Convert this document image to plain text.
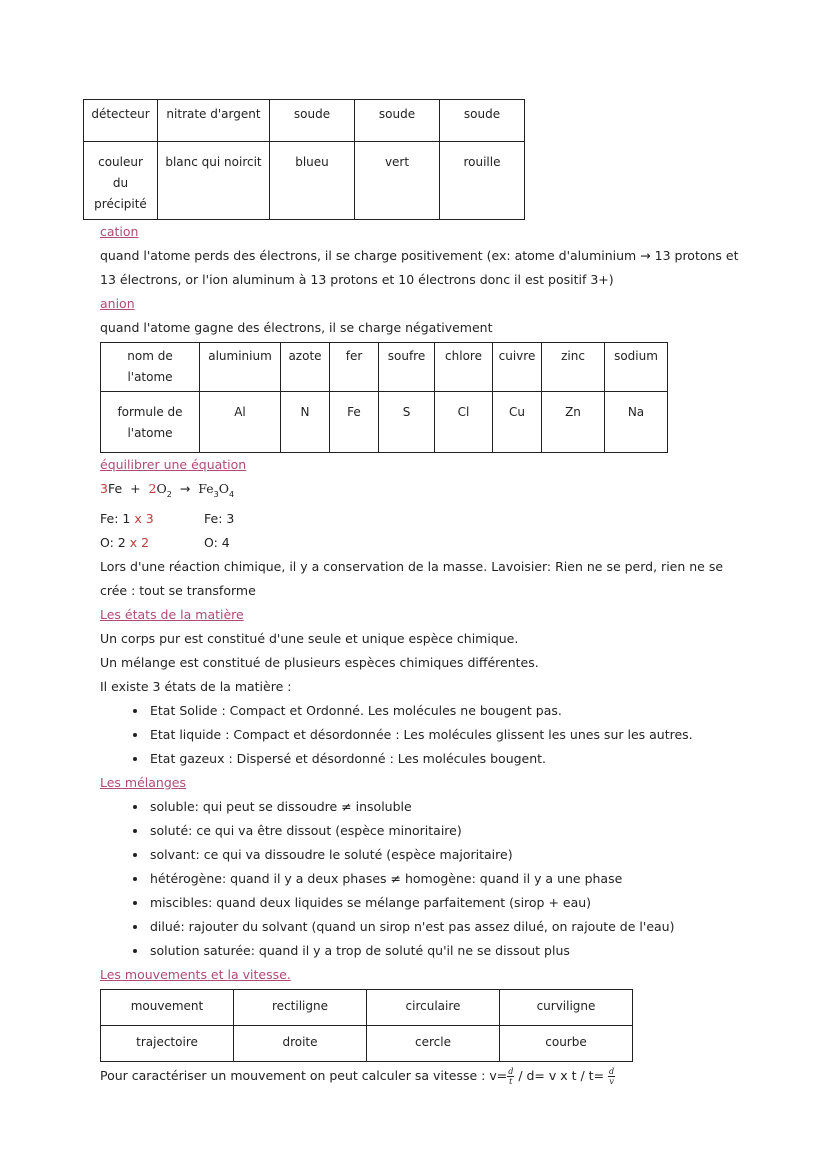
détecteur	nitrate d'argent	soude	soude	soude
couleur du précipité	blanc qui noircit	blueu	vert	rouille
cation
quand l'atome perds des électrons, il se charge positivement (ex: atome d'aluminium → 13 protons et 13 électrons, or l'ion aluminum à 13 protons et 10 électrons donc il est positif 3+)
anion
quand l'atome gagne des électrons, il se charge négativement
nom de l'atome	aluminium	azote	fer	soufre	chlore	cuivre	zinc	sodium
formule de l'atome	Al	N	Fe	S	Cl	Cu	Zn	Na
équilibrer une équation
$3Fe + 2O_2 \to Fe_3O_4$
Fe: 1 x 3	Fe: 3
O: 2 x 2	O: 4
Lors d'une réaction chimique, il y a conservation de la masse. Lavoisier: Rien ne se perd, rien ne se crée : tout se transforme
Les états de la matière
Un corps pur est constitué d'une seule et unique espèce chimique.
Un mélange est constitué de plusieurs espèces chimiques différentes.
Il existe 3 états de la matière :
• Etat Solide : Compact et Ordonné. Les molécules ne bougent pas.
• Etat liquide : Compact et désordonnée : Les molécules glissent les unes sur les autres.
• Etat gazeux : Dispersé et désordonné : Les molécules bougent.
Les mélanges
• soluble: qui peut se dissoudre ≠ insoluble
• soluté: ce qui va être dissout (espèce minoritaire)
• solvant: ce qui va dissoudre le soluté (espèce majoritaire)
• hétérogène: quand il y a deux phases ≠ homogène: quand il y a une phase
• miscibles: quand deux liquides se mélange parfaitement (sirop + eau)
• dilué: rajouter du solvant (quand un sirop n'est pas assez dilué, on rajoute de l'eau)
• solution saturée: quand il y a trop de soluté qu'il ne se dissout plus
Les mouvements et la vitesse.
mouvement	rectiligne	circulaire	curviligne
trajectoire	droite	cercle	courbe
Pour caractériser un mouvement on peut calculer sa vitesse : $v= \frac{d}{t} / d= v$ x $t / t= \frac{d}{v}$
